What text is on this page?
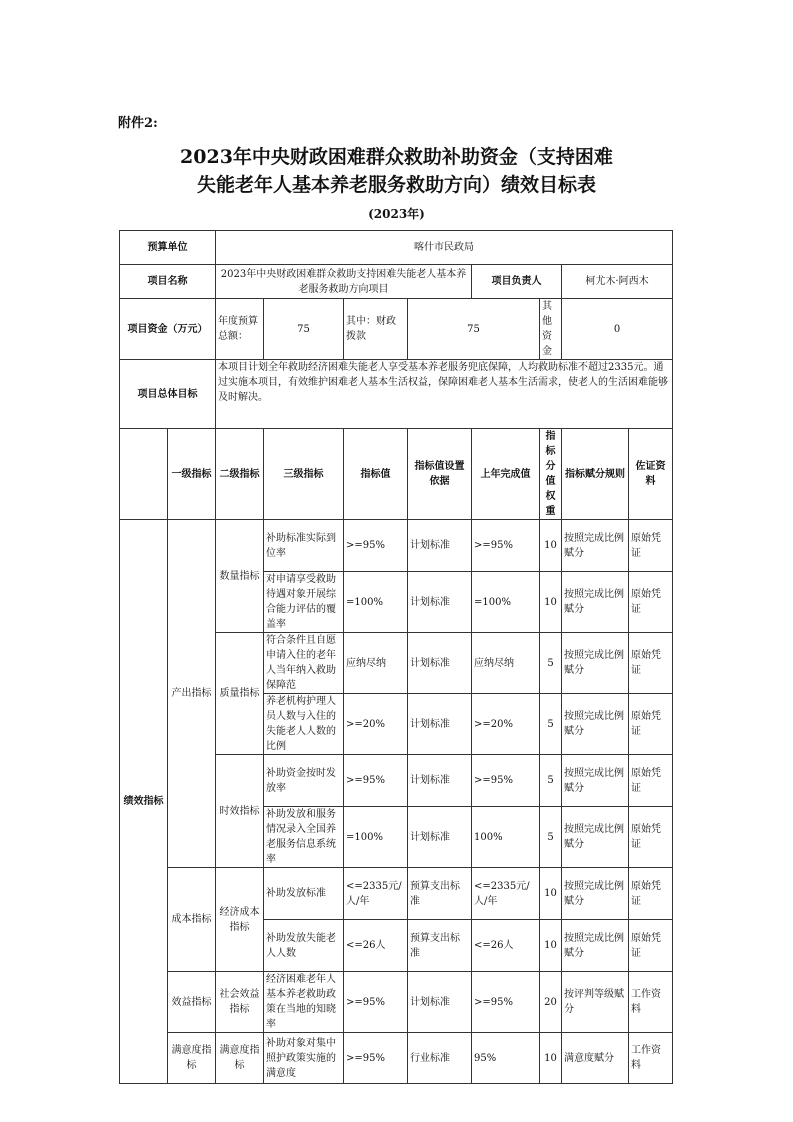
附件2:
2023年中央财政困难群众救助补助资金（支持困难
失能老年人基本养老服务救助方向）绩效目标表
(2023年)
预算单位		喀什市民政局							
项目名称		2023年中央财政困难群众救助支持困难失能老人基本养老服务救助方向项目				项目负责人		柯尤木·阿西木	
项目资金（万元）		年度预算总额：	75	其中：财政拨款	75		其他资金	0	
项目总体目标		本项目计划全年救助经济困难失能老人享受基本养老服务兜底保障，人均救助标准不超过2335元。通过实施本项目，有效维护困难老人基本生活权益，保障困难老人基本生活需求，使老人的生活困难能够及时解决。							
	一级指标	二级指标	三级指标	指标值	指标值设置依据	上年完成值	指标分值权重	指标赋分规则	佐证资料
绩效指标	产出指标	数量指标	补助标准实际到位率	>=95%	计划标准	>=95%	10	按照完成比例赋分	原始凭证
			对申请享受救助待遇对象开展综合能力评估的覆盖率	=100%	计划标准	=100%	10	按照完成比例赋分	原始凭证
		质量指标	符合条件且自愿申请入住的老年人当年纳入救助保障范	应纳尽纳	计划标准	应纳尽纳	5	按照完成比例赋分	原始凭证
			养老机构护理人员人数与入住的失能老人人数的比例	>=20%	计划标准	>=20%	5	按照完成比例赋分	原始凭证
		时效指标	补助资金按时发放率	>=95%	计划标准	>=95%	5	按照完成比例赋分	原始凭证
			补助发放和服务情况录入全国养老服务信息系统率	=100%	计划标准	100%	5	按照完成比例赋分	原始凭证
	成本指标	经济成本指标	补助发放标准	<=2335元/人/年	预算支出标准	<=2335元/人/年	10	按照完成比例赋分	原始凭证
			补助发放失能老人人数	<=26人	预算支出标准	<=26人	10	按照完成比例赋分	原始凭证
	效益指标	社会效益指标	经济困难老年人基本养老救助政策在当地的知晓率	>=95%	计划标准	>=95%	20	按评判等级赋分	工作资料
	满意度指标	满意度指标	补助对象对集中照护政策实施的满意度	>=95%	行业标准	95%	10	满意度赋分	工作资料
